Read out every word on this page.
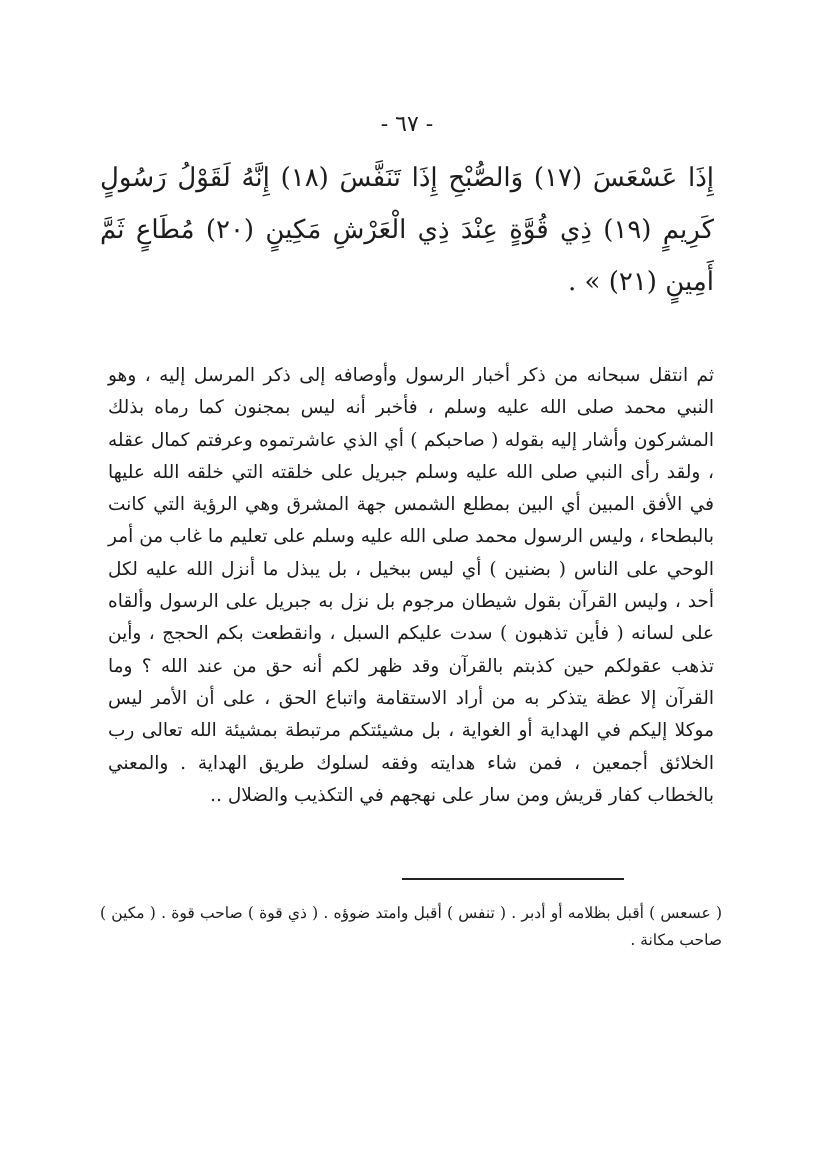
- ٦٧ -

إِذَا عَسْعَسَ (١٧) وَالصُّبْحِ إِذَا تَنَفَّسَ (١٨) إِنَّهُ لَقَوْلُ رَسُولٍ كَرِيمٍ (١٩) ذِي قُوَّةٍ عِنْدَ ذِي الْعَرْشِ مَكِينٍ (٢٠) مُطَاعٍ ثَمَّ أَمِينٍ (٢١) » .

ثم انتقل سبحانه من ذكر أخبار الرسول وأوصافه إلى ذكر المرسل إليه ، وهو النبي محمد صلى الله عليه وسلم ، فأخبر أنه ليس بمجنون كما رماه بذلك المشركون وأشار إليه بقوله ( صاحبكم ) أي الذي عاشرتموه وعرفتم كمال عقله ، ولقد رأى النبي صلى الله عليه وسلم جبريل على خلقته التي خلقه الله عليها في الأفق المبين أي البين بمطلع الشمس جهة المشرق وهي الرؤية التي كانت بالبطحاء ، وليس الرسول محمد صلى الله عليه وسلم على تعليم ما غاب من أمر الوحي على الناس ( بضنين ) أي ليس ببخيل ، بل يبذل ما أنزل الله عليه لكل أحد ، وليس القرآن بقول شيطان مرجوم بل نزل به جبريل على الرسول وألقاه على لسانه ( فأين تذهبون ) سدت عليكم السبل ، وانقطعت بكم الحجج ، وأين تذهب عقولكم حين كذبتم بالقرآن وقد ظهر لكم أنه حق من عند الله ؟ وما القرآن إلا عظة يتذكر به من أراد الاستقامة واتباع الحق ، على أن الأمر ليس موكلا إليكم في الهداية أو الغواية ، بل مشيئتكم مرتبطة بمشيئة الله تعالى رب الخلائق أجمعين ، فمن شاء هدايته وفقه لسلوك طريق الهداية . والمعني بالخطاب كفار قريش ومن سار على نهجهم في التكذيب والضلال ..

( عسعس ) أقبل بظلامه أو أدبر . ( تنفس ) أقبل وامتد ضوؤه . ( ذي قوة ) صاحب قوة . ( مكين ) صاحب مكانة .
